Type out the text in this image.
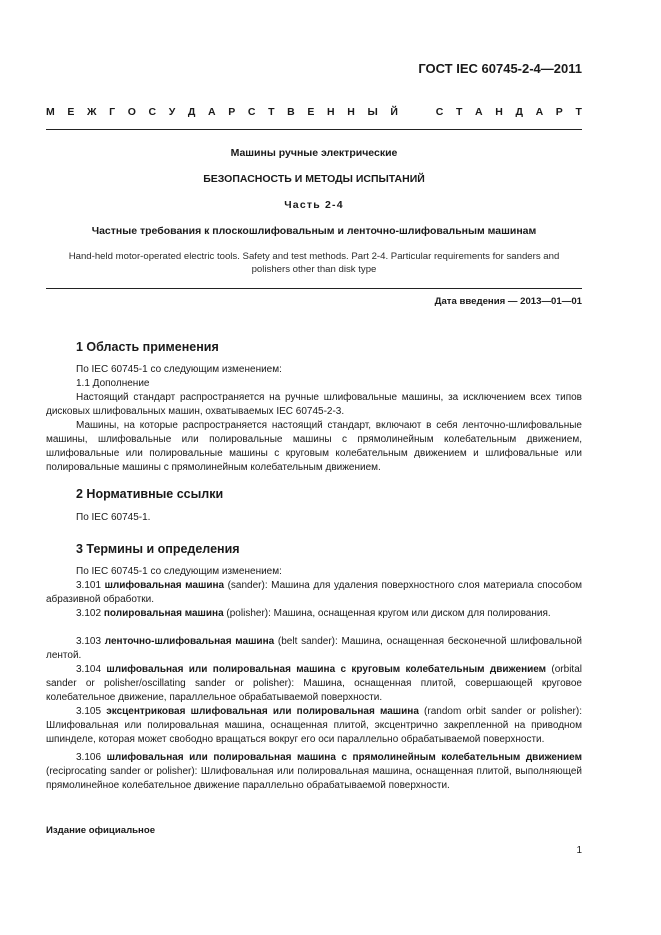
ГОСТ IEC 60745-2-4—2011
М Е Ж Г О С У Д А Р С Т В Е Н Н Ы Й	С Т А Н Д А Р Т
Машины ручные электрические
БЕЗОПАСНОСТЬ И МЕТОДЫ ИСПЫТАНИЙ
Часть 2-4
Частные требования к плоскошлифовальным и ленточно-шлифовальным машинам
Hand-held motor-operated electric tools. Safety and test methods. Part 2-4. Particular requirements for sanders and polishers other than disk type
Дата введения — 2013—01—01
1 Область применения
По IEC 60745-1 со следующим изменением:
1.1 Дополнение
Настоящий стандарт распространяется на ручные шлифовальные машины, за исключением всех типов дисковых шлифовальных машин, охватываемых IEC 60745-2-3.
Машины, на которые распространяется настоящий стандарт, включают в себя ленточно-шлифовальные машины, шлифовальные или полировальные машины с прямолинейным колебательным движением, шлифовальные или полировальные машины с круговым колебательным движением и шлифовальные или полировальные машины с прямолинейным колебательным движением.
2 Нормативные ссылки
По IEC 60745-1.
3 Термины и определения
По IEC 60745-1 со следующим изменением:
3.101 шлифовальная машина (sander): Машина для удаления поверхностного слоя материала способом абразивной обработки.
3.102 полировальная машина (polisher): Машина, оснащенная кругом или диском для полирования.
3.103 ленточно-шлифовальная машина (belt sander): Машина, оснащенная бесконечной шлифовальной лентой.
3.104 шлифовальная или полировальная машина с круговым колебательным движением (orbital sander or polisher/oscillating sander or polisher): Машина, оснащенная плитой, совершающей круговое колебательное движение, параллельное обрабатываемой поверхности.
3.105 эксцентриковая шлифовальная или полировальная машина (random orbit sander or polisher): Шлифовальная или полировальная машина, оснащенная плитой, эксцентрично закрепленной на приводном шпинделе, которая может свободно вращаться вокруг его оси параллельно обрабатываемой поверхности.
3.106 шлифовальная или полировальная машина с прямолинейным колебательным движением (reciprocating sander or polisher): Шлифовальная или полировальная машина, оснащенная плитой, выполняющей прямолинейное колебательное движение параллельно обрабатываемой поверхности.
Издание официальное
1
